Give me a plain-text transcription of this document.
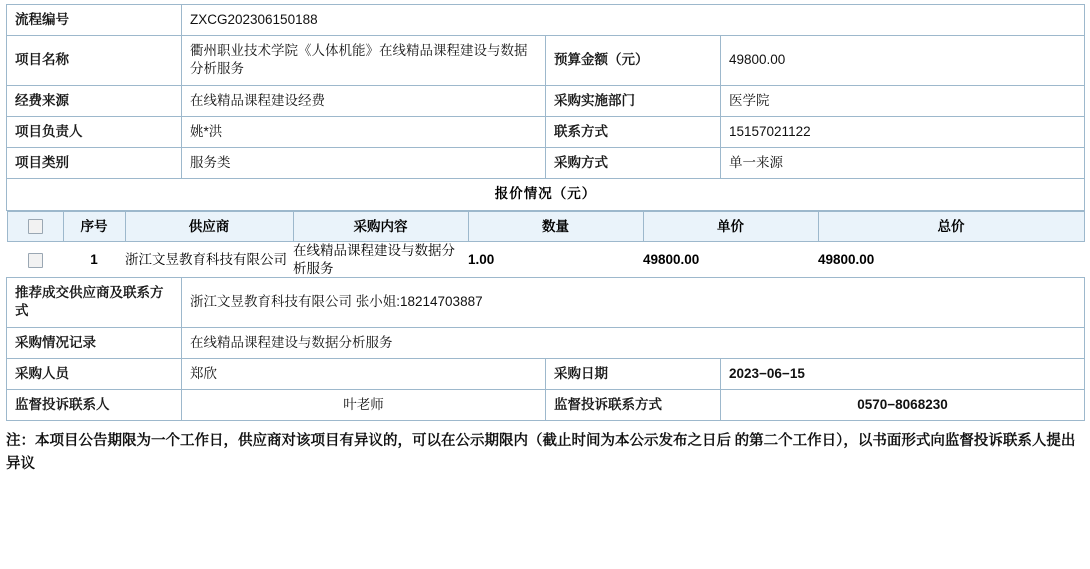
流程编号	ZXCG202306150188
项目名称	衢州职业技术学院《人体机能》在线精品课程建设与数据分析服务	预算金额（元）	49800.00
经费来源	在线精品课程建设经费	采购实施部门	医学院
项目负责人	姚*洪	联系方式	15157021122
项目类别	服务类	采购方式	单一来源
报价情况（元）

	序号	供应商	采购内容	数量	单价	总价
	1	浙江文昱教育科技有限公司	在线精品课程建设与数据分析服务	1.00	49800.00	49800.00

推荐成交供应商及联系方式	浙江文昱教育科技有限公司 张小姐:18214703887
采购情况记录	在线精品课程建设与数据分析服务
采购人员	郑欣	采购日期	2023−06−15
监督投诉联系人	叶老师	监督投诉联系方式	0570−8068230
注：本项目公告期限为一个工作日，供应商对该项目有异议的，可以在公示期限内（截止时间为本公示发布之日后 的第二个工作日），以书面形式向监督投诉联系人提出异议
